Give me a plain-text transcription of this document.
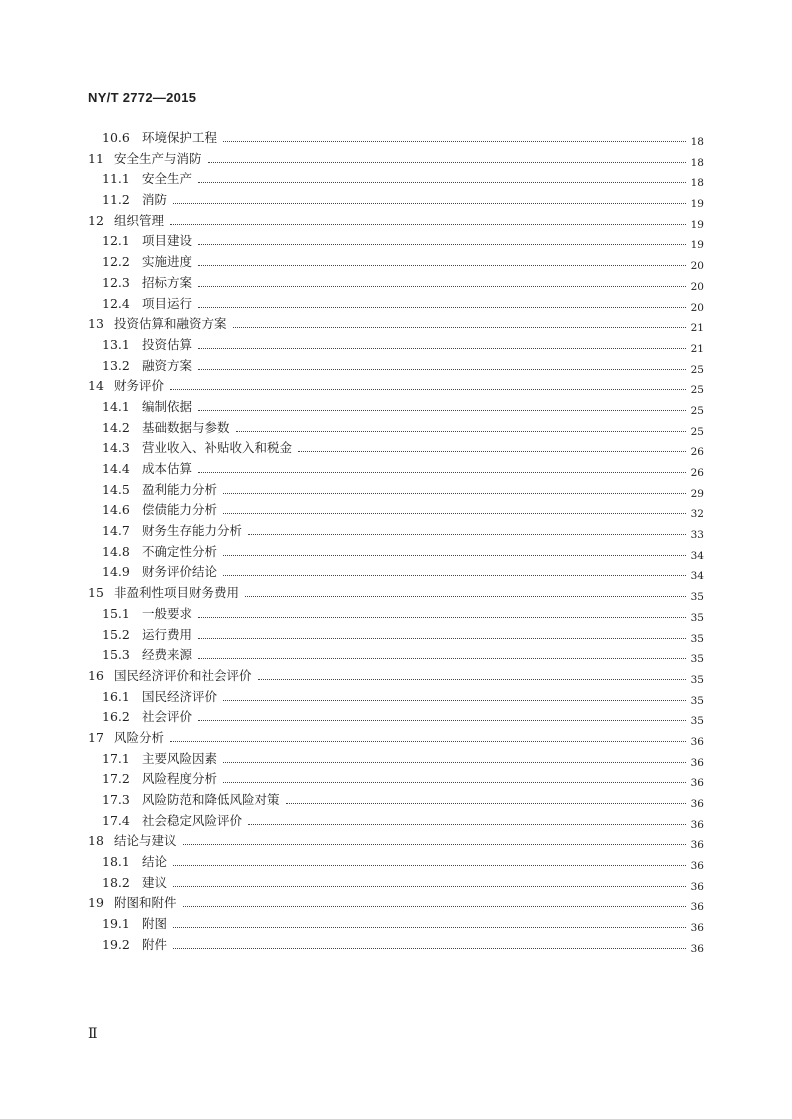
NY/T 2772—2015

10.6 环境保护工程	18
11 安全生产与消防	18
11.1 安全生产	18
11.2 消防	19
12 组织管理	19
12.1 项目建设	19
12.2 实施进度	20
12.3 招标方案	20
12.4 项目运行	20
13 投资估算和融资方案	21
13.1 投资估算	21
13.2 融资方案	25
14 财务评价	25
14.1 编制依据	25
14.2 基础数据与参数	25
14.3 营业收入、补贴收入和税金	26
14.4 成本估算	26
14.5 盈利能力分析	29
14.6 偿债能力分析	32
14.7 财务生存能力分析	33
14.8 不确定性分析	34
14.9 财务评价结论	34
15 非盈利性项目财务费用	35
15.1 一般要求	35
15.2 运行费用	35
15.3 经费来源	35
16 国民经济评价和社会评价	35
16.1 国民经济评价	35
16.2 社会评价	35
17 风险分析	36
17.1 主要风险因素	36
17.2 风险程度分析	36
17.3 风险防范和降低风险对策	36
17.4 社会稳定风险评价	36
18 结论与建议	36
18.1 结论	36
18.2 建议	36
19 附图和附件	36
19.1 附图	36
19.2 附件	36

Ⅱ
